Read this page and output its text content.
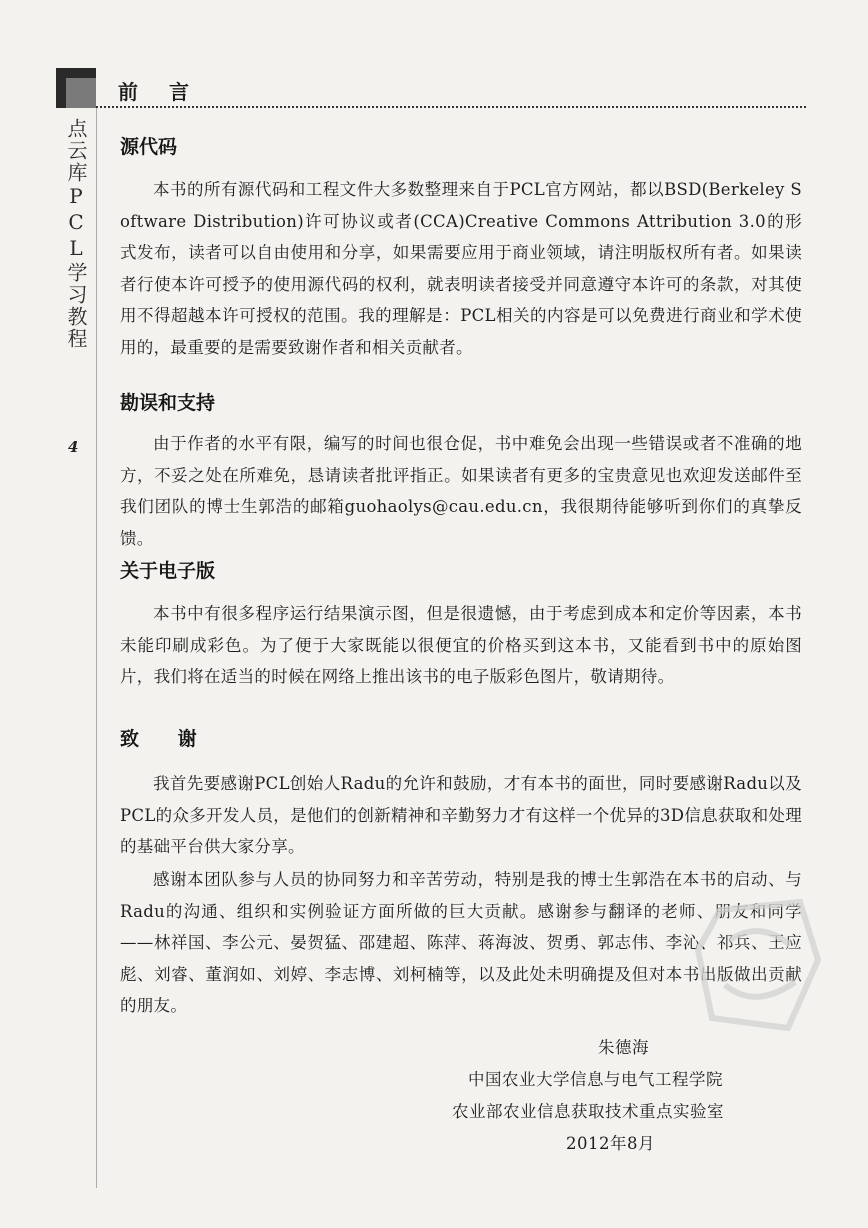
前 言
点云库PCL学习教程
4
源代码

本书的所有源代码和工程文件大多数整理来自于PCL官方网站，都以BSD(Berkeley Software Distribution)许可协议或者(CCA)Creative Commons Attribution 3.0的形式发布，读者可以自由使用和分享，如果需要应用于商业领域，请注明版权所有者。如果读者行使本许可授予的使用源代码的权利，就表明读者接受并同意遵守本许可的条款，对其使用不得超越本许可授权的范围。我的理解是：PCL相关的内容是可以免费进行商业和学术使用的，最重要的是需要致谢作者和相关贡献者。

勘误和支持

由于作者的水平有限，编写的时间也很仓促，书中难免会出现一些错误或者不准确的地方，不妥之处在所难免，恳请读者批评指正。如果读者有更多的宝贵意见也欢迎发送邮件至我们团队的博士生郭浩的邮箱guohaolys@cau.edu.cn，我很期待能够听到你们的真挚反馈。

关于电子版

本书中有很多程序运行结果演示图，但是很遗憾，由于考虑到成本和定价等因素，本书未能印刷成彩色。为了便于大家既能以很便宜的价格买到这本书，又能看到书中的原始图片，我们将在适当的时候在网络上推出该书的电子版彩色图片，敬请期待。

致 谢

我首先要感谢PCL创始人Radu的允许和鼓励，才有本书的面世，同时要感谢Radu以及PCL的众多开发人员，是他们的创新精神和辛勤努力才有这样一个优异的3D信息获取和处理的基础平台供大家分享。

感谢本团队参与人员的协同努力和辛苦劳动，特别是我的博士生郭浩在本书的启动、与Radu的沟通、组织和实例验证方面所做的巨大贡献。感谢参与翻译的老师、朋友和同学——林祥国、李公元、晏贺猛、邵建超、陈萍、蒋海波、贺勇、郭志伟、李沁、祁兵、王应彪、刘睿、董润如、刘婷、李志博、刘柯楠等，以及此处未明确提及但对本书出版做出贡献的朋友。

朱德海
中国农业大学信息与电气工程学院
农业部农业信息获取技术重点实验室
2012年8月
